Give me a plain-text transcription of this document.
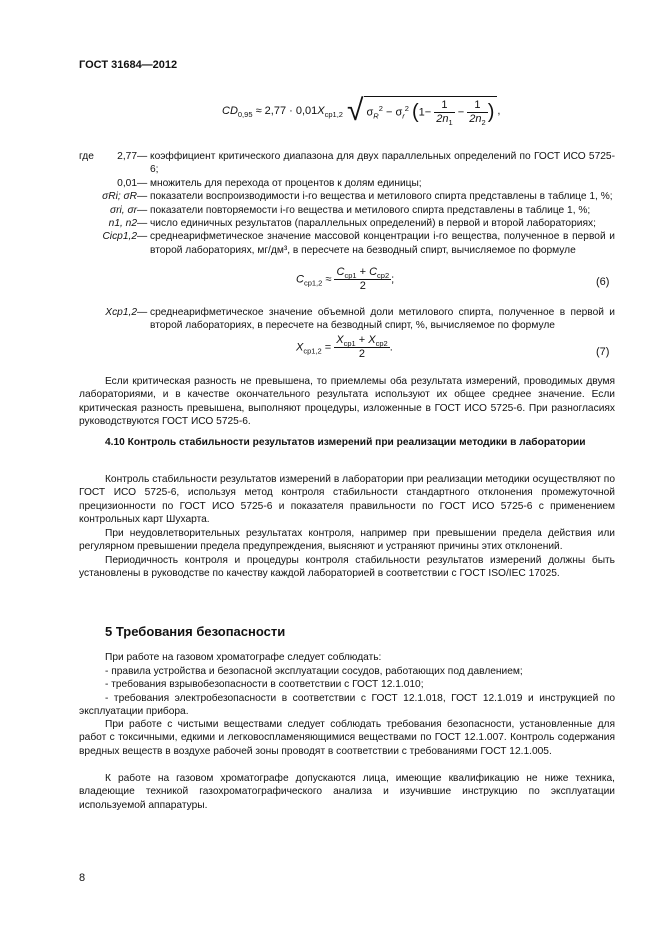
ГОСТ 31684—2012
$CD_{0,95} \approx 2,77 \cdot 0,01X_{ср1,2}$ √ $\sigma_R^2 - \sigma_r^2$ ($1- \frac{1}{2n_1} - \frac{1}{2n_2}$ ) ,
где 2,77 — коэффициент критического диапазона для двух параллельных определений по ГОСТ ИСО 5725-6;
0,01 — множитель для перехода от процентов к долям единицы;
σRi; σR — показатели воспроизводимости i-го вещества и метилового спирта представлены в таблице 1, %;
σri, σr — показатели повторяемости i-го вещества и метилового спирта представлены в таблице 1, %;
n1, n2 — число единичных результатов (параллельных определений) в первой и второй лабораториях;
Cicp1,2 — среднеарифметическое значение массовой концентрации i-го вещества, полученное в первой и второй лабораториях, мг/дм³, в пересчете на безводный спирт, вычисляемое по формуле
$C_{ср1,2} \approx \frac{C_{ср1} + C_{ср2}}{2}$ ;	(6)
Xср1,2 — среднеарифметическое значение объемной доли метилового спирта, полученное в первой и второй лабораториях, в пересчете на безводный спирт, %, вычисляемое по формуле
$X_{ср1,2} = \frac{X_{ср1} + X_{ср2}}{2}$ .	(7)
Если критическая разность не превышена, то приемлемы оба результата измерений, проводимых двумя лабораториями, и в качестве окончательного результата используют их общее среднее значение. Если критическая разность превышена, выполняют процедуры, изложенные в ГОСТ ИСО 5725-6. При разногласиях руководствуются ГОСТ ИСО 5725-6.
4.10 Контроль стабильности результатов измерений при реализации методики в лаборатории
Контроль стабильности результатов измерений в лаборатории при реализации методики осуществляют по ГОСТ ИСО 5725-6, используя метод контроля стабильности стандартного отклонения промежуточной прецизионности по ГОСТ ИСО 5725-6 и показателя правильности по ГОСТ ИСО 5725-6 с применением контрольных карт Шухарта.
При неудовлетворительных результатах контроля, например при превышении предела действия или регулярном превышении предела предупреждения, выясняют и устраняют причины этих отклонений.
Периодичность контроля и процедуры контроля стабильности результатов измерений должны быть установлены в руководстве по качеству каждой лабораторией в соответствии с ГОСТ ISO/IEC 17025.
5 Требования безопасности
При работе на газовом хроматографе следует соблюдать:
- правила устройства и безопасной эксплуатации сосудов, работающих под давлением;
- требования взрывобезопасности в соответствии с ГОСТ 12.1.010;
- требования электробезопасности в соответствии с ГОСТ 12.1.018, ГОСТ 12.1.019 и инструкцией по эксплуатации прибора.
При работе с чистыми веществами следует соблюдать требования безопасности, установленные для работ с токсичными, едкими и легковоспламеняющимися веществами по ГОСТ 12.1.007. Контроль содержания вредных веществ в воздухе рабочей зоны проводят в соответствии с требованиями ГОСТ 12.1.005.
К работе на газовом хроматографе допускаются лица, имеющие квалификацию не ниже техника, владеющие техникой газохроматографического анализа и изучившие инструкцию по эксплуатации используемой аппаратуры.
8
